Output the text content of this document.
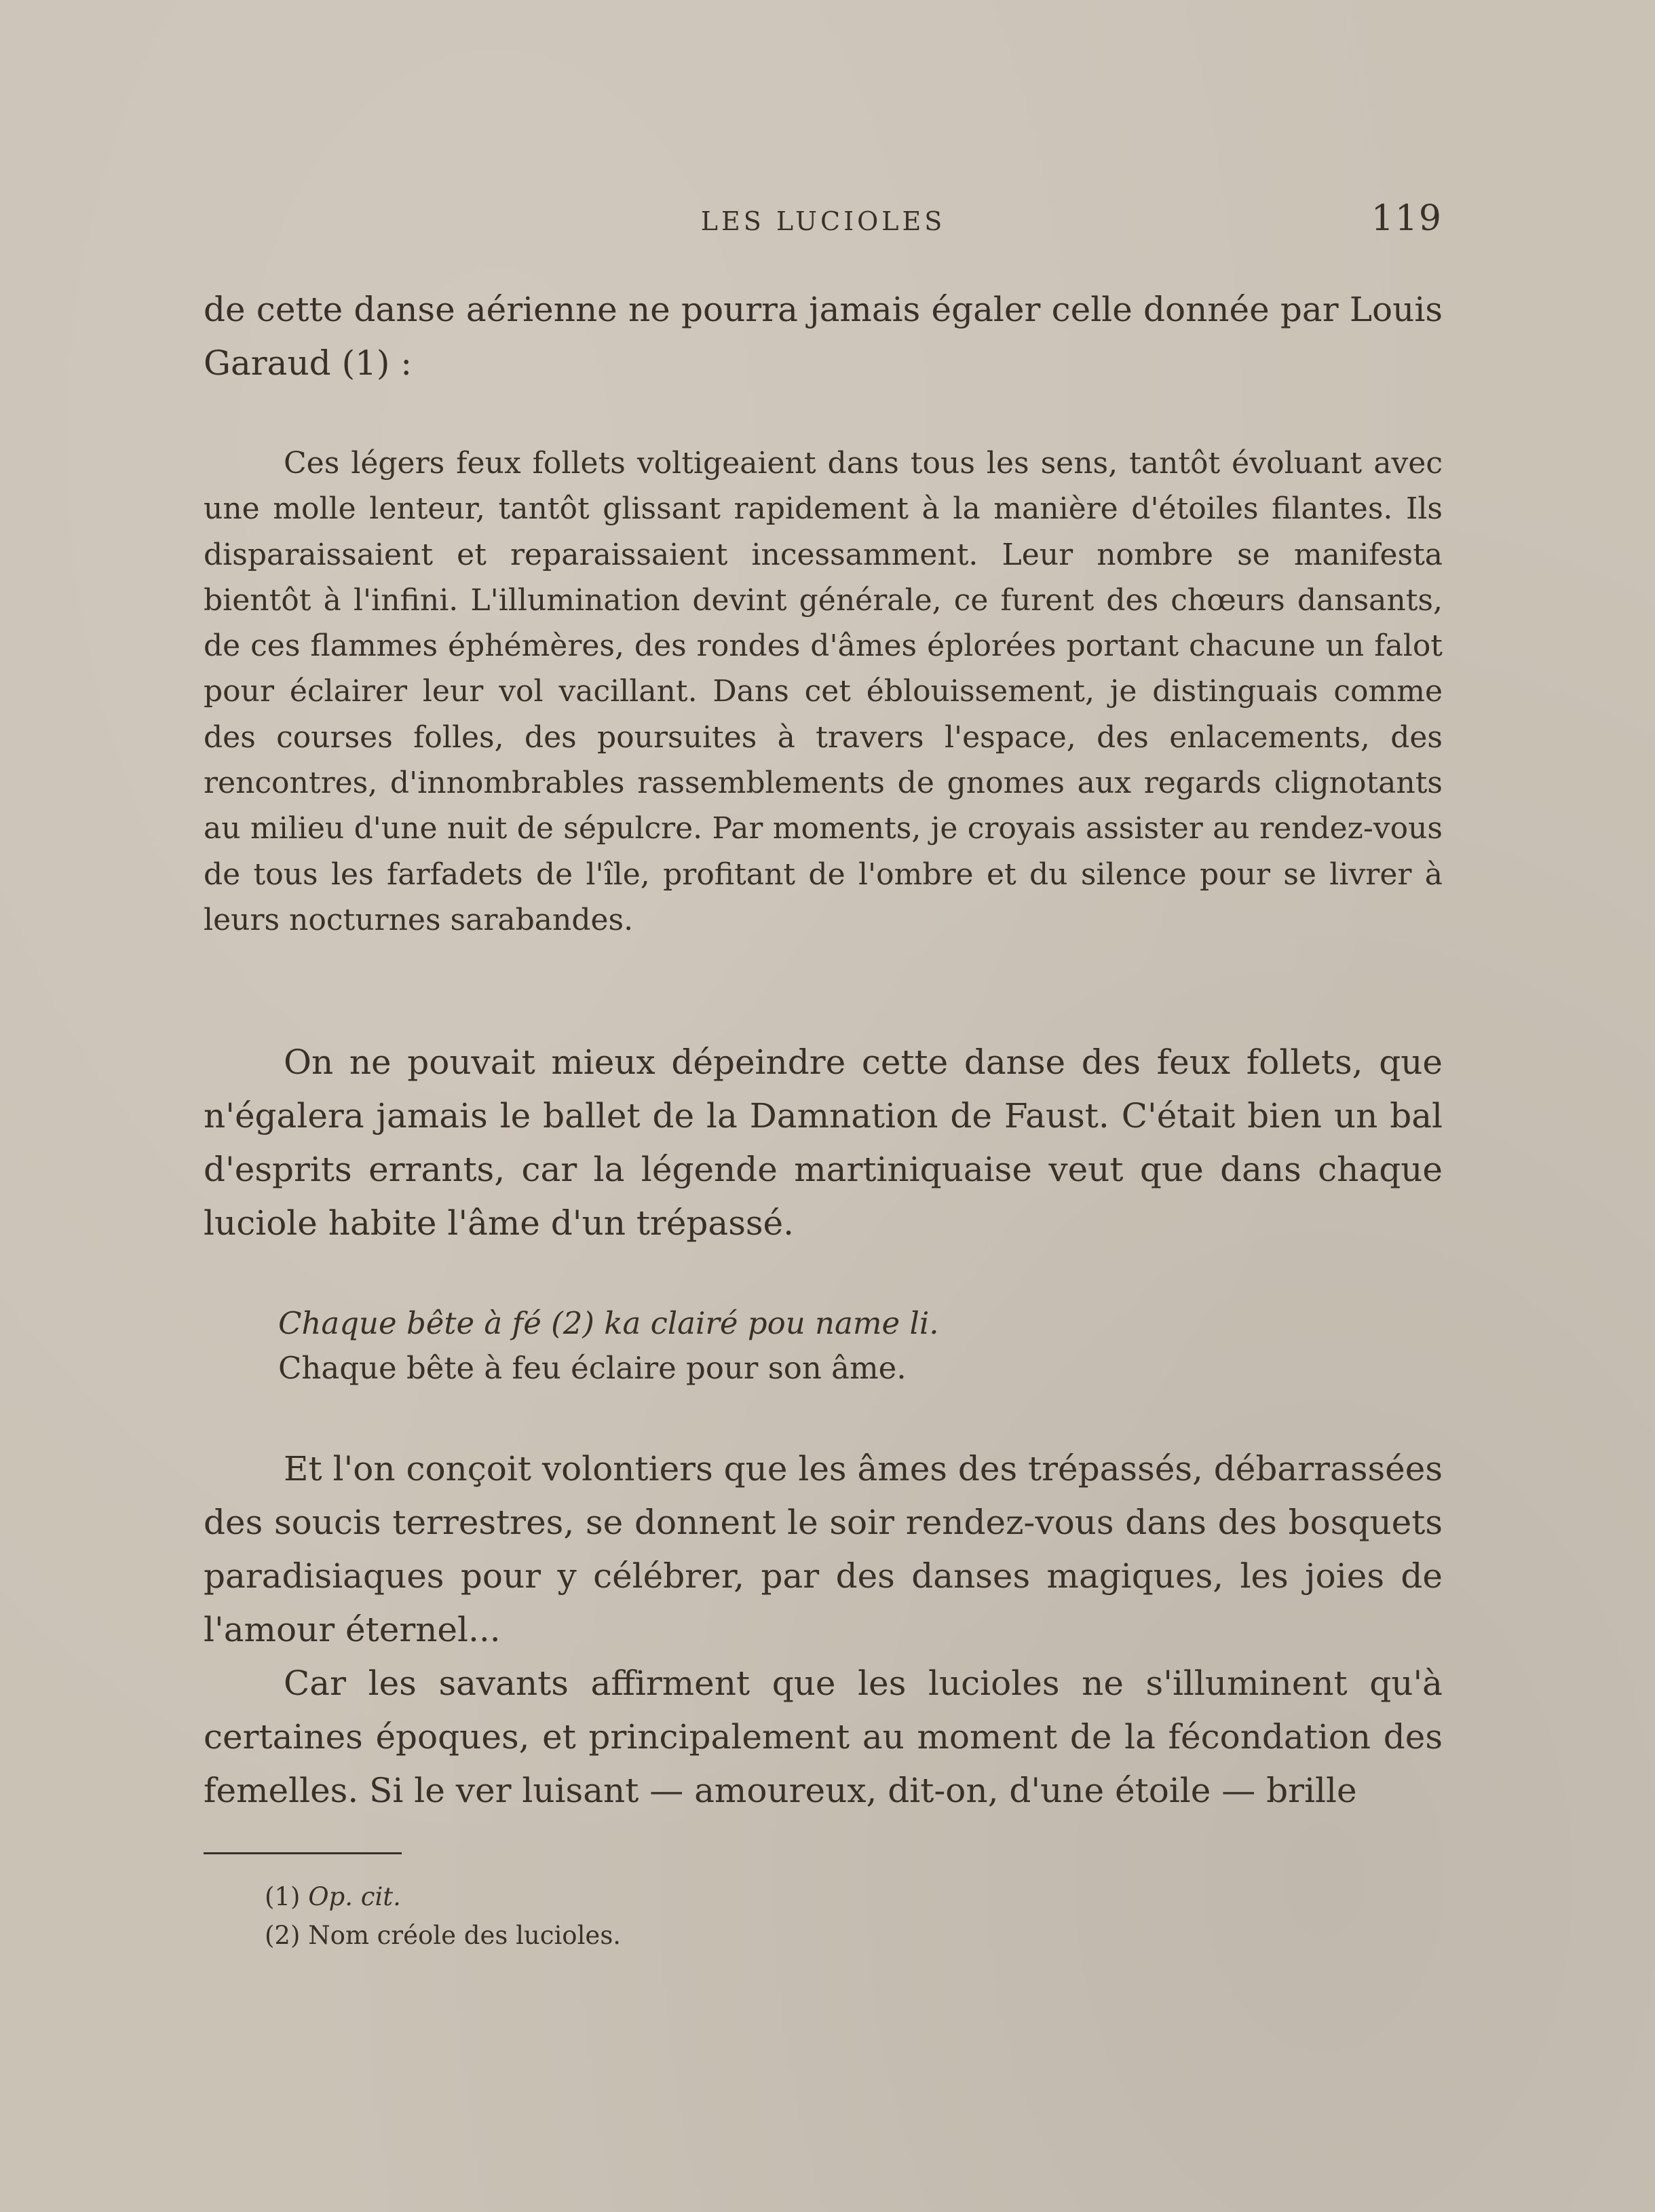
LES LUCIOLES	119

de cette danse aérienne ne pourra jamais égaler celle donnée par Louis Garaud (1) :

Ces légers feux follets voltigeaient dans tous les sens, tantôt évoluant avec une molle lenteur, tantôt glissant rapidement à la manière d'étoiles filantes. Ils disparaissaient et reparaissaient incessamment. Leur nombre se manifesta bientôt à l'infini. L'illumination devint générale, ce furent des chœurs dansants, de ces flammes éphémères, des rondes d'âmes éplorées portant chacune un falot pour éclairer leur vol vacillant. Dans cet éblouissement, je distinguais comme des courses folles, des poursuites à travers l'espace, des enlacements, des rencontres, d'innombrables rassemblements de gnomes aux regards clignotants au milieu d'une nuit de sépulcre. Par moments, je croyais assister au rendez-vous de tous les farfadets de l'île, profitant de l'ombre et du silence pour se livrer à leurs nocturnes sarabandes.

On ne pouvait mieux dépeindre cette danse des feux follets, que n'égalera jamais le ballet de la Damnation de Faust. C'était bien un bal d'esprits errants, car la légende martiniquaise veut que dans chaque luciole habite l'âme d'un trépassé.

Chaque bête à fé (2) ka clairé pou name li.

Chaque bête à feu éclaire pour son âme.

Et l'on conçoit volontiers que les âmes des trépassés, débarrassées des soucis terrestres, se donnent le soir rendez-vous dans des bosquets paradisiaques pour y célébrer, par des danses magiques, les joies de l'amour éternel...

Car les savants affirment que les lucioles ne s'illuminent qu'à certaines époques, et principalement au moment de la fécondation des femelles. Si le ver luisant — amoureux, dit-on, d'une étoile — brille

(1) Op. cit.

(2) Nom créole des lucioles.
